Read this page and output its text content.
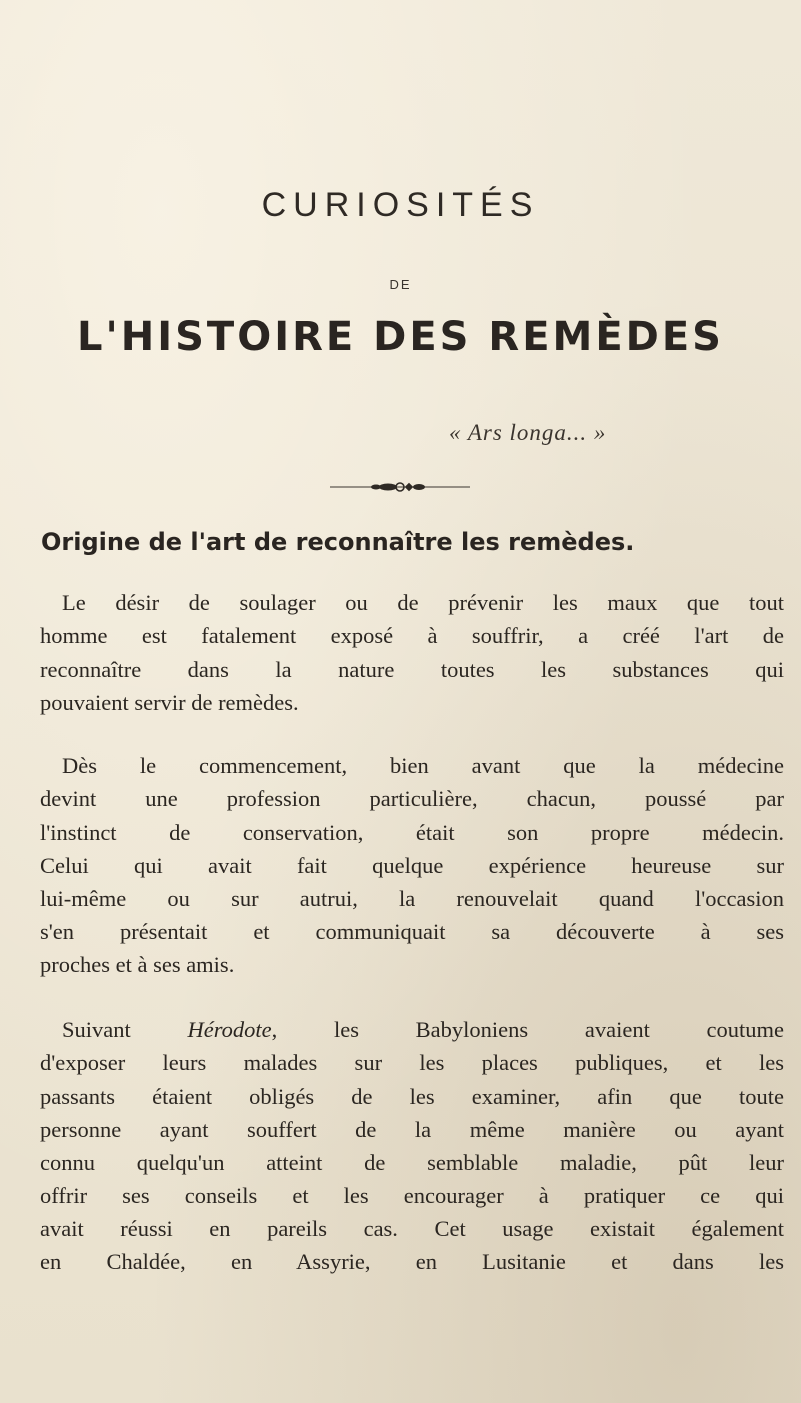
CURIOSITÉS
DE
L'HISTOIRE DES REMÈDES
« Ars longa... »
Origine de l'art de reconnaître les remèdes.
Le désir de soulager ou de prévenir les maux que tout
homme est fatalement exposé à souffrir, a créé l'art de
reconnaître dans la nature toutes les substances qui
pouvaient servir de remèdes.
Dès le commencement, bien avant que la médecine
devint une profession particulière, chacun, poussé par
l'instinct de conservation, était son propre médecin.
Celui qui avait fait quelque expérience heureuse sur
lui-même ou sur autrui, la renouvelait quand l'occasion
s'en présentait et communiquait sa découverte à ses
proches et à ses amis.
Suivant Hérodote, les Babyloniens avaient coutume
d'exposer leurs malades sur les places publiques, et les
passants étaient obligés de les examiner, afin que toute
personne ayant souffert de la même manière ou ayant
connu quelqu'un atteint de semblable maladie, pût leur
offrir ses conseils et les encourager à pratiquer ce qui
avait réussi en pareils cas. Cet usage existait également
en Chaldée, en Assyrie, en Lusitanie et dans les
